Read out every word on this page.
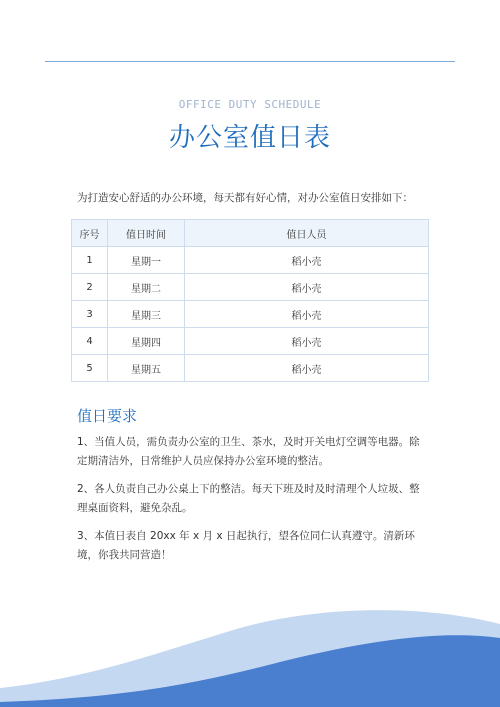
OFFICE DUTY SCHEDULE
办公室值日表
为打造安心舒适的办公环境，每天都有好心情，对办公室值日安排如下：
序号	值日时间	值日人员
1	星期一	稻小壳
2	星期二	稻小壳
3	星期三	稻小壳
4	星期四	稻小壳
5	星期五	稻小壳
值日要求

1、当值人员，需负责办公室的卫生、茶水，及时开关电灯空调等电器。除定期清洁外，日常维护人员应保持办公室环境的整洁。

2、各人负责自己办公桌上下的整洁。每天下班及时及时清理个人垃圾、整理桌面资料，避免杂乱。

3、本值日表自 20xx 年 x 月 x 日起执行，望各位同仁认真遵守。清新环境，你我共同营造！
